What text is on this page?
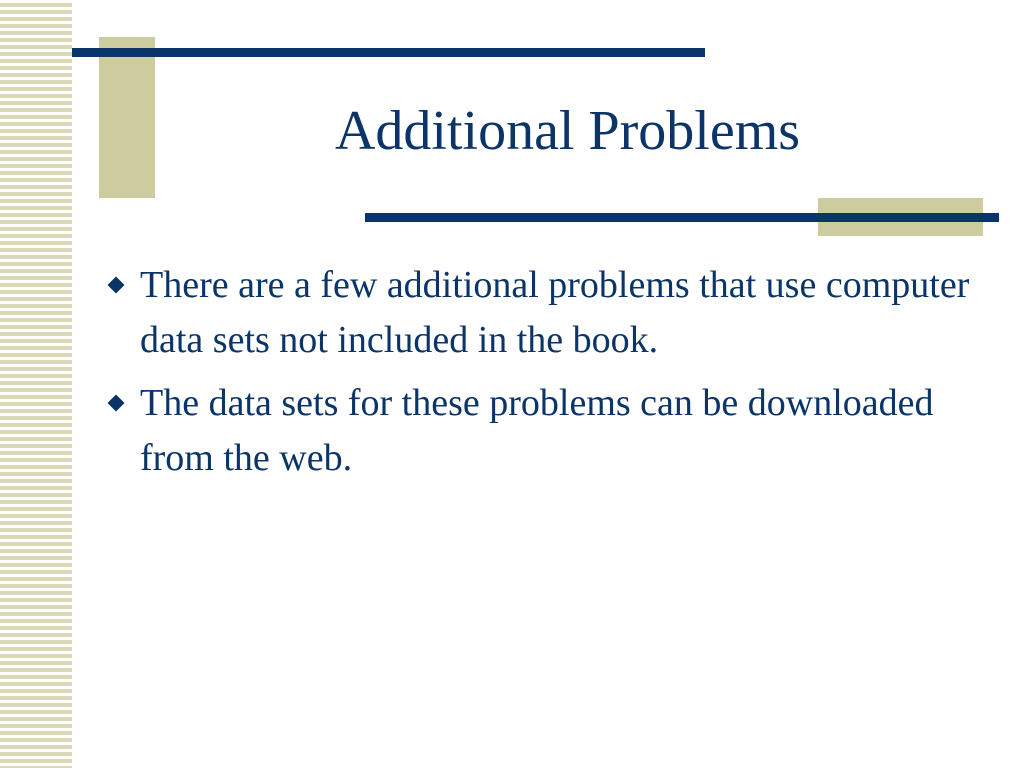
Additional Problems
There are a few additional problems that use computer data sets not included in the book.
The data sets for these problems can be downloaded from the web.
